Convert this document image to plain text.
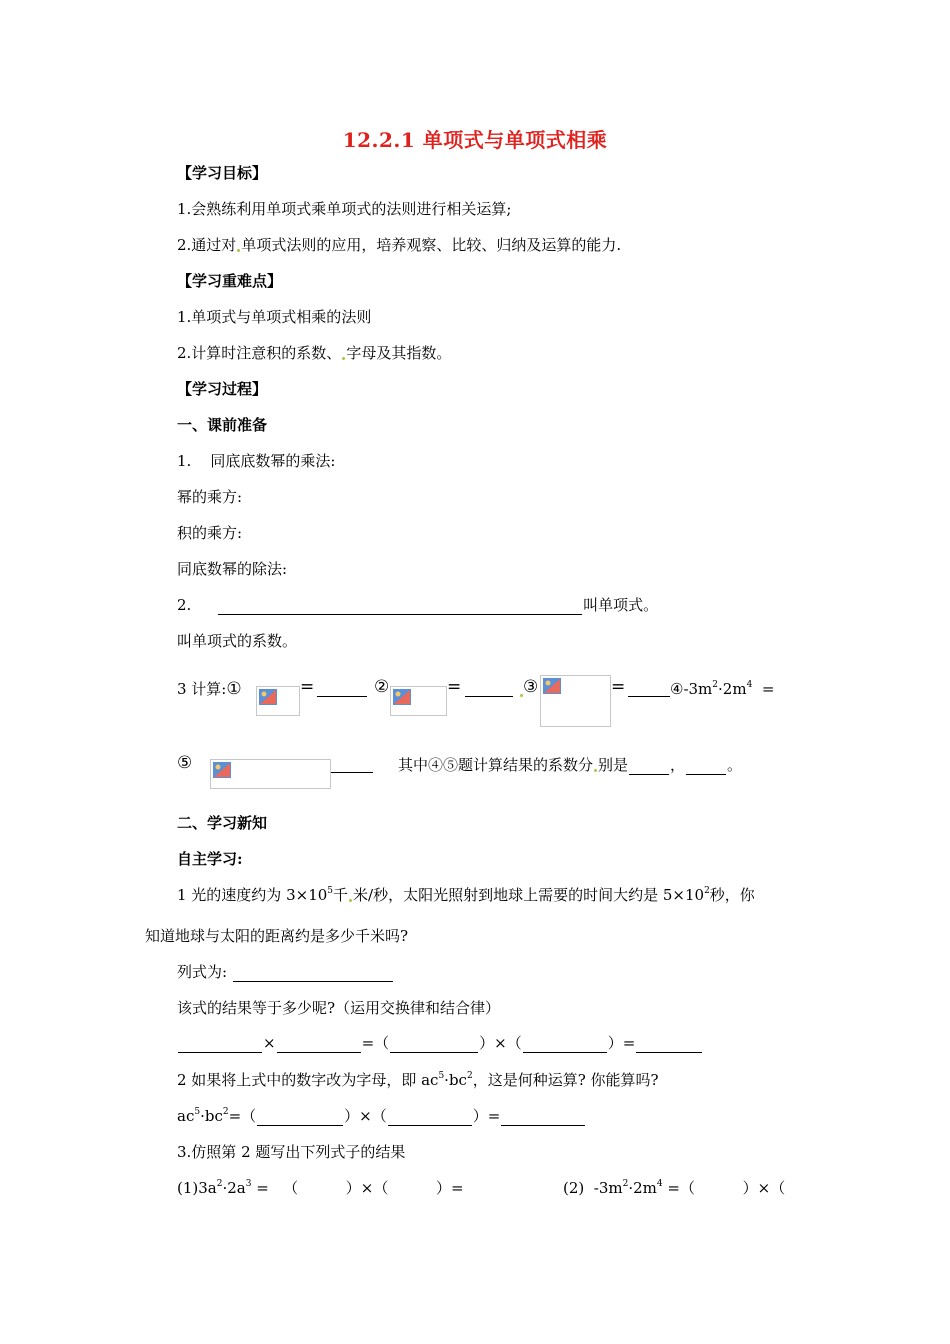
12.2.1 单项式与单项式相乘
【学习目标】
1.会熟练利用单项式乘单项式的法则进行相关运算;
2.通过对 单项式法则的应用，培养观察、比较、归纳及运算的能力.
【学习重难点】
1.单项式与单项式相乘的法则
2.计算时注意积的系数、 字母及其指数。
【学习过程】
一、课前准备
1.    同底底数幂的乘法:
幂的乘方:
积的乘方:
同底数幂的除法:
2.	叫单项式。
叫单项式的系数。
3 计算:①	=	②	=	③	=	$④-3m^2\cdot 2m^4$ =
⑤	其中④⑤题计算结果的系数分 别是	，	。
二、学习新知
自主学习:
1 光的速度约为 $3\times 10^5$千 米/秒，太阳光照射到地球上需要的时间大约是 $5\times 10^2$秒，你
知道地球与太阳的距离约是多少千米吗?
列式为:
该式的结果等于多少呢?（运用交换律和结合律）
×	=（	）×（	）=
2 如果将上式中的数字改为字母，即 $ac^5\cdot bc^2$，这是何种运算? 你能算吗?
$ac^5\cdot bc^2=$（	）×（	）=
3.仿照第 2 题写出下列式子的结果
$(1)3a^2\cdot 2a^3$ =   （          ）×（          ）=	(2)  $-3m^2\cdot 2m^4$ =（          ）×（
